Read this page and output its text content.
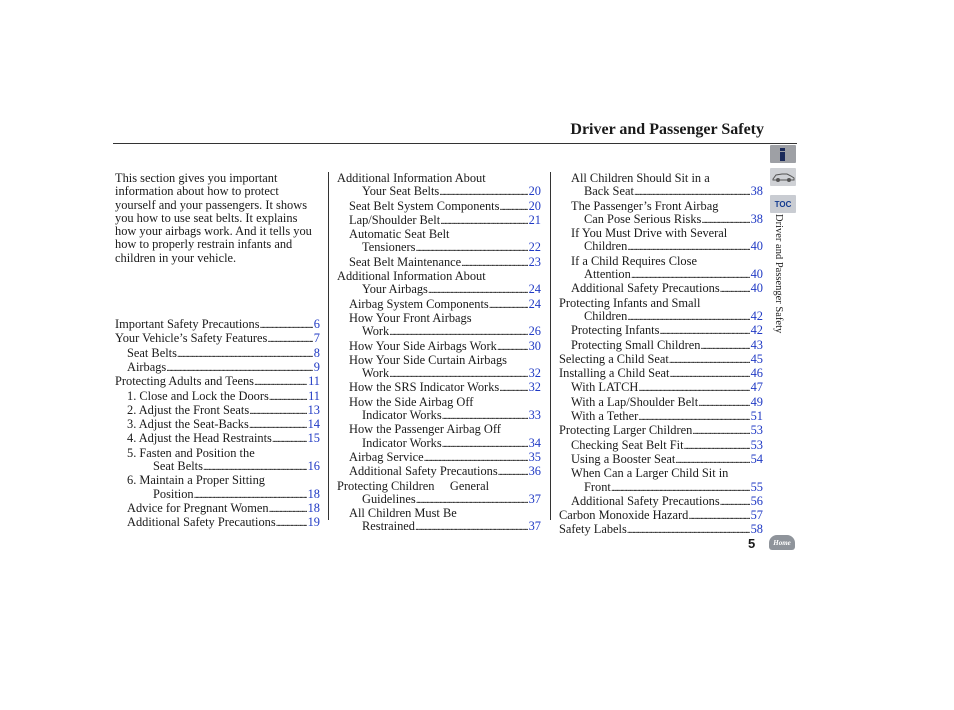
Driver and Passenger Safety
This section gives you important information about how to protect yourself and your passengers. It shows you how to use seat belts. It explains how your airbags work. And it tells you how to properly restrain infants and children in your vehicle.
Important Safety Precautions . . .	6
Your Vehicle’s Safety Features . . .	7
Seat Belts . . .	8
Airbags . . .	9
Protecting Adults and Teens . . .	11
1. Close and Lock the Doors . . .	11
2. Adjust the Front Seats . . .	13
3. Adjust the Seat-Backs . . .	14
4. Adjust the Head Restraints . . .	15
5. Fasten and Position the
Seat Belts . . .	16
6. Maintain a Proper Sitting
Position . . .	18
Advice for Pregnant Women . . .	18
Additional Safety Precautions . . .	19
Additional Information About
Your Seat Belts . . .	20
Seat Belt System Components . . . 20
Lap/Shoulder Belt . . .	21
Automatic Seat Belt
Tensioners . . .	22
Seat Belt Maintenance . . .	23
Additional Information About
Your Airbags . . .	24
Airbag System Components . . .	24
How Your Front Airbags
Work . . .	26
How Your Side Airbags Work . . .	30
How Your Side Curtain Airbags
Work . . .	32
How the SRS Indicator Works . . . 32
How the Side Airbag Off
Indicator Works . . .	33
How the Passenger Airbag Off
Indicator Works . . .	34
Airbag Service . . .	35
Additional Safety Precautions . . . 36
Protecting Children     General
Guidelines . . .	37
All Children Must Be
Restrained . . .	37
All Children Should Sit in a
Back Seat . . .	38
The Passenger’s Front Airbag
Can Pose Serious Risks . . .	38
If You Must Drive with Several
Children . . .	40
If a Child Requires Close
Attention . . .	40
Additional Safety Precautions . . . 40
Protecting Infants and Small
Children . . .	42
Protecting Infants . . .	42
Protecting Small Children . . .	43
Selecting a Child Seat . . .	45
Installing a Child Seat . . .	46
With LATCH . . .	47
With a Lap/Shoulder Belt . . .	49
With a Tether . . .	51
Protecting Larger Children . . .	53
Checking Seat Belt Fit . . .	53
Using a Booster Seat . . .	54
When Can a Larger Child Sit in
Front . . .	55
Additional Safety Precautions . . . 56
Carbon Monoxide Hazard . . .	57
Safety Labels . . .	58
TOC
Driver and Passenger Safety
5	Home
